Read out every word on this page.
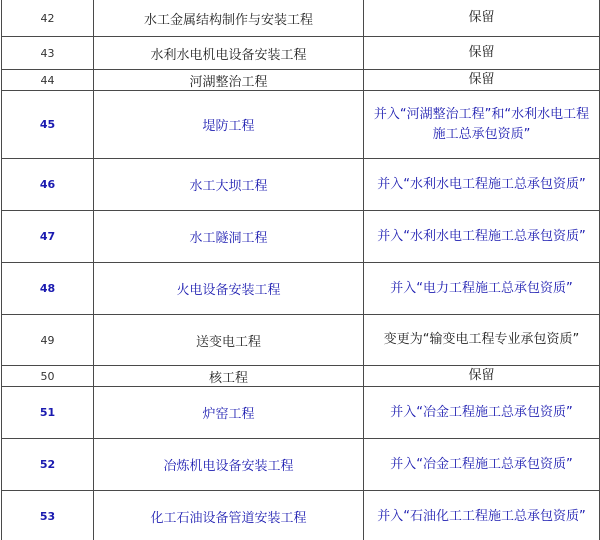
42	水工金属结构制作与安装工程	保留
43	水利水电机电设备安装工程	保留
44	河湖整治工程	保留
45	堤防工程	并入“河湖整治工程”和“水利水电工程施工总承包资质”
46	水工大坝工程	并入“水利水电工程施工总承包资质”
47	水工隧洞工程	并入“水利水电工程施工总承包资质”
48	火电设备安装工程	并入“电力工程施工总承包资质”
49	送变电工程	变更为“输变电工程专业承包资质”
50	核工程	保留
51	炉窑工程	并入“冶金工程施工总承包资质”
52	冶炼机电设备安装工程	并入“冶金工程施工总承包资质”
53	化工石油设备管道安装工程	并入“石油化工工程施工总承包资质”
